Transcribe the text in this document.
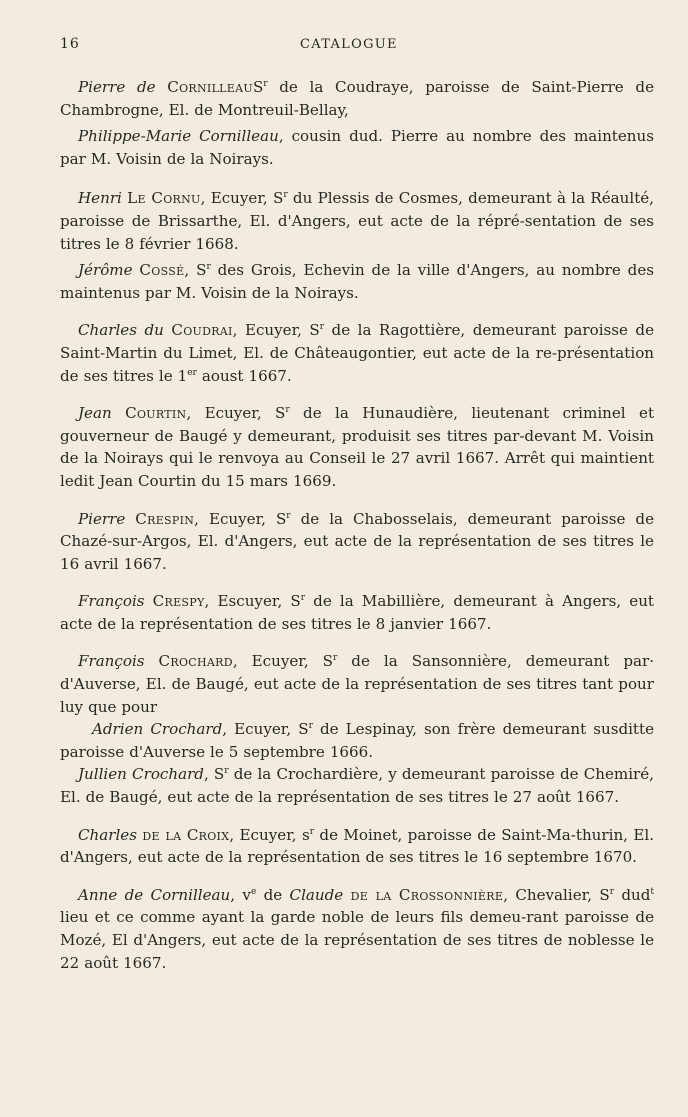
16	CATALOGUE

Pierre de CornilleauS$^r$ de la Coudraye, paroisse de Saint-Pierre de Chambrogne, El. de Montreuil-Bellay,

Philippe-Marie Cornilleau, cousin dud. Pierre au nombre des maintenus par M. Voisin de la Noirays.

Henri Le Cornu, Ecuyer, $S^r$ du Plessis de Cosmes, demeurant à la Réaulté, paroisse de Brissarthe, El. d'Angers, eut acte de la répré-sentation de ses titres le 8 février 1668.

Jérôme Cossé, $S^r$ des Grois, Echevin de la ville d'Angers, au nombre des maintenus par M. Voisin de la Noirays.

Charles du Coudrai, Ecuyer, $S^r$ de la Ragottière, demeurant paroisse de Saint-Martin du Limet, El. de Châteaugontier, eut acte de la re-présentation de ses titres le 1er aoust 1667.

Jean Courtin, Ecuyer, $S^r$ de la Hunaudière, lieutenant criminel et gouverneur de Baugé y demeurant, produisit ses titres par-devant M. Voisin de la Noirays qui le renvoya au Conseil le 27 avril 1667. Arrêt qui maintient ledit Jean Courtin du 15 mars 1669.

Pierre Crespin, Ecuyer, $S^r$ de la Chabosselais, demeurant paroisse de Chazé-sur-Argos, El. d'Angers, eut acte de la représentation de ses titres le 16 avril 1667.

François Crespy, Escuyer, $S^r$ de la Mabillière, demeurant à Angers, eut acte de la représentation de ses titres le 8 janvier 1667.

François Crochard, Ecuyer, $S^r$ de la Sansonnière, demeurant par· d'Auverse, El. de Baugé, eut acte de la représentation de ses titres tant pour luy que pour

Adrien Crochard, Ecuyer, $S^r$ de Lespinay, son frère demeurant susditte paroisse d'Auverse le 5 septembre 1666.

Jullien Crochard, $S^r$ de la Crochardière, y demeurant paroisse de Chemiré, El. de Baugé, eut acte de la représentation de ses titres le 27 août 1667.

Charles de la Croix, Ecuyer, $s^r$ de Moinet, paroisse de Saint-Ma-thurin, El. d'Angers, eut acte de la représentation de ses titres le 16 septembre 1670.

Anne de Cornilleau, $v^e$ de Claude de la Crossonnière, Chevalier, $S^r$ dud$^t$ lieu et ce comme ayant la garde noble de leurs fils demeu-rant paroisse de Mozé, El d'Angers, eut acte de la représentation de ses titres de noblesse le 22 août 1667.
